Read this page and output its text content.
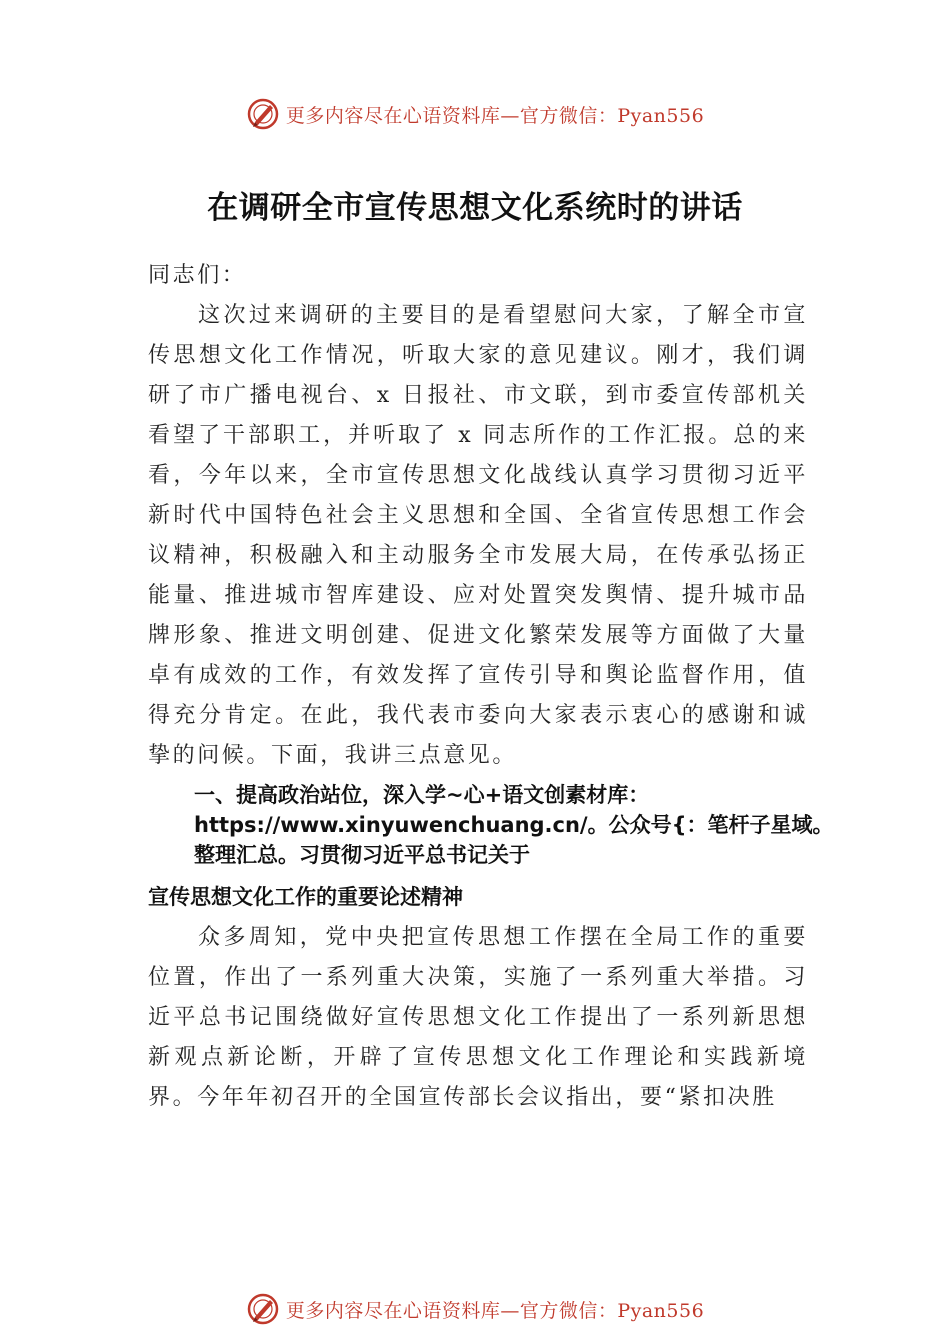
更多内容尽在心语资料库—官方微信：Pyan556
在调研全市宣传思想文化系统时的讲话

同志们：

这次过来调研的主要目的是看望慰问大家，了解全市宣传思想文化工作情况，听取大家的意见建议。刚才，我们调研了市广播电视台、x 日报社、市文联，到市委宣传部机关看望了干部职工，并听取了 x 同志所作的工作汇报。总的来看，今年以来，全市宣传思想文化战线认真学习贯彻习近平新时代中国特色社会主义思想和全国、全省宣传思想工作会议精神，积极融入和主动服务全市发展大局，在传承弘扬正能量、推进城市智库建设、应对处置突发舆情、提升城市品牌形象、推进文明创建、促进文化繁荣发展等方面做了大量卓有成效的工作，有效发挥了宣传引导和舆论监督作用，值得充分肯定。在此，我代表市委向大家表示衷心的感谢和诚挚的问候。下面，我讲三点意见。

一、提高政治站位，深入学~心+语文创素材库：https://www.xinyuwenchuang.cn/。公众号{：笔杆子星域。整理汇总。习贯彻习近平总书记关于
宣传思想文化工作的重要论述精神

众多周知，党中央把宣传思想工作摆在全局工作的重要位置，作出了一系列重大决策，实施了一系列重大举措。习近平总书记围绕做好宣传思想文化工作提出了一系列新思想新观点新论断，开辟了宣传思想文化工作理论和实践新境界。今年年初召开的全国宣传部长会议指出，要“紧扣决胜

更多内容尽在心语资料库—官方微信：Pyan556
